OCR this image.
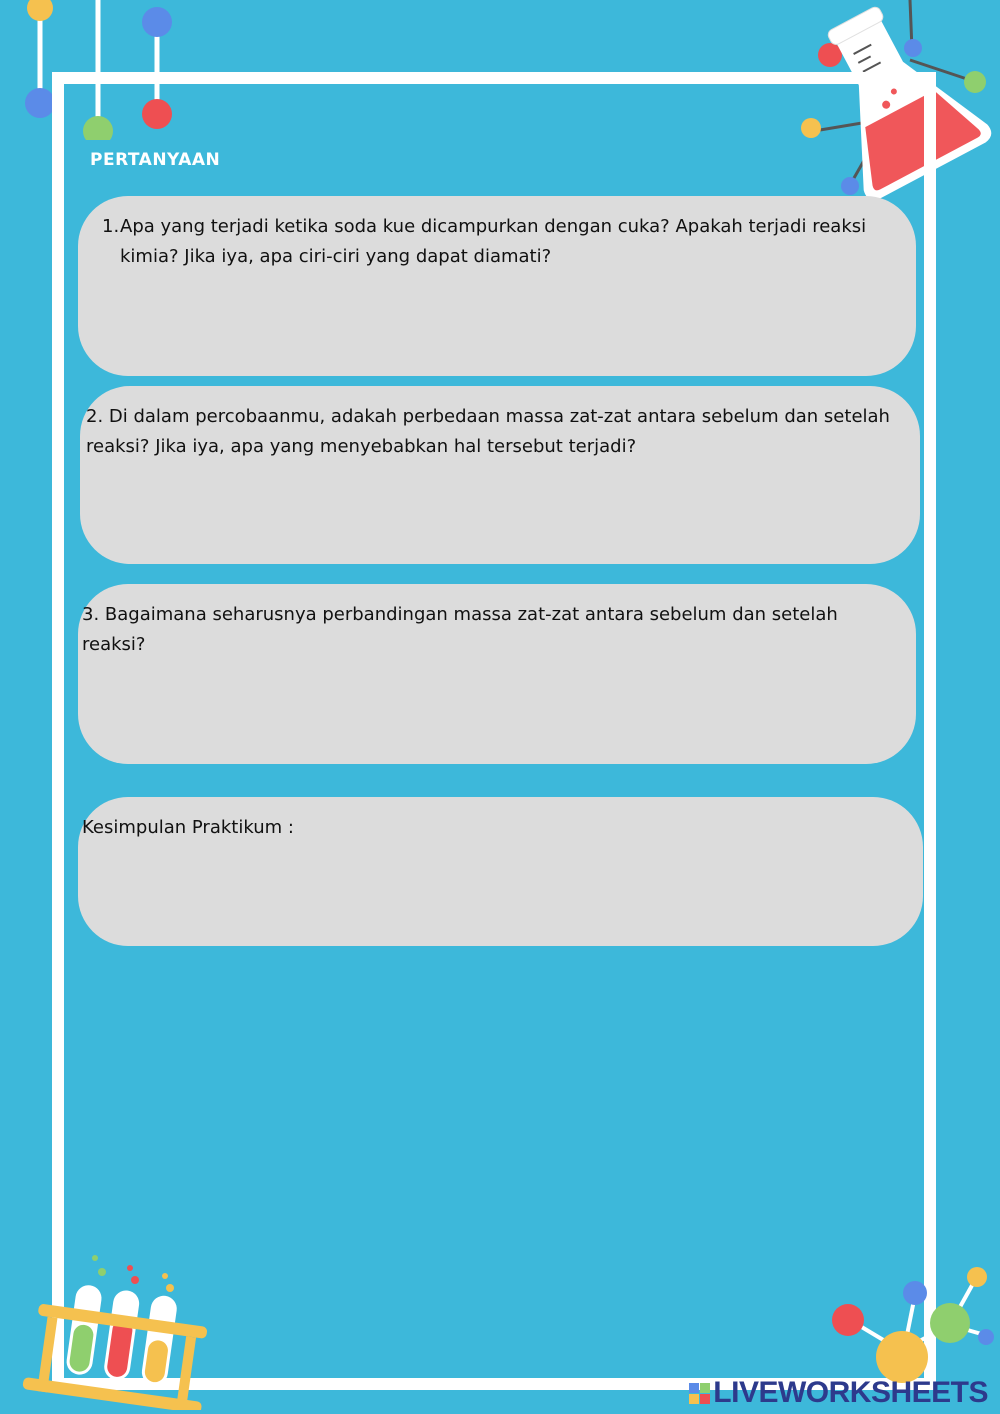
PERTANYAAN
1. Apa yang terjadi ketika soda kue dicampurkan dengan cuka? Apakah terjadi reaksi kimia? Jika iya, apa ciri-ciri yang dapat diamati?
2. Di dalam percobaanmu, adakah perbedaan massa zat-zat antara sebelum dan setelah reaksi? Jika iya, apa yang menyebabkan hal tersebut terjadi?
3. Bagaimana seharusnya perbandingan massa zat-zat antara sebelum dan setelah reaksi?
Kesimpulan Praktikum :
LIVEWORKSHEETS
